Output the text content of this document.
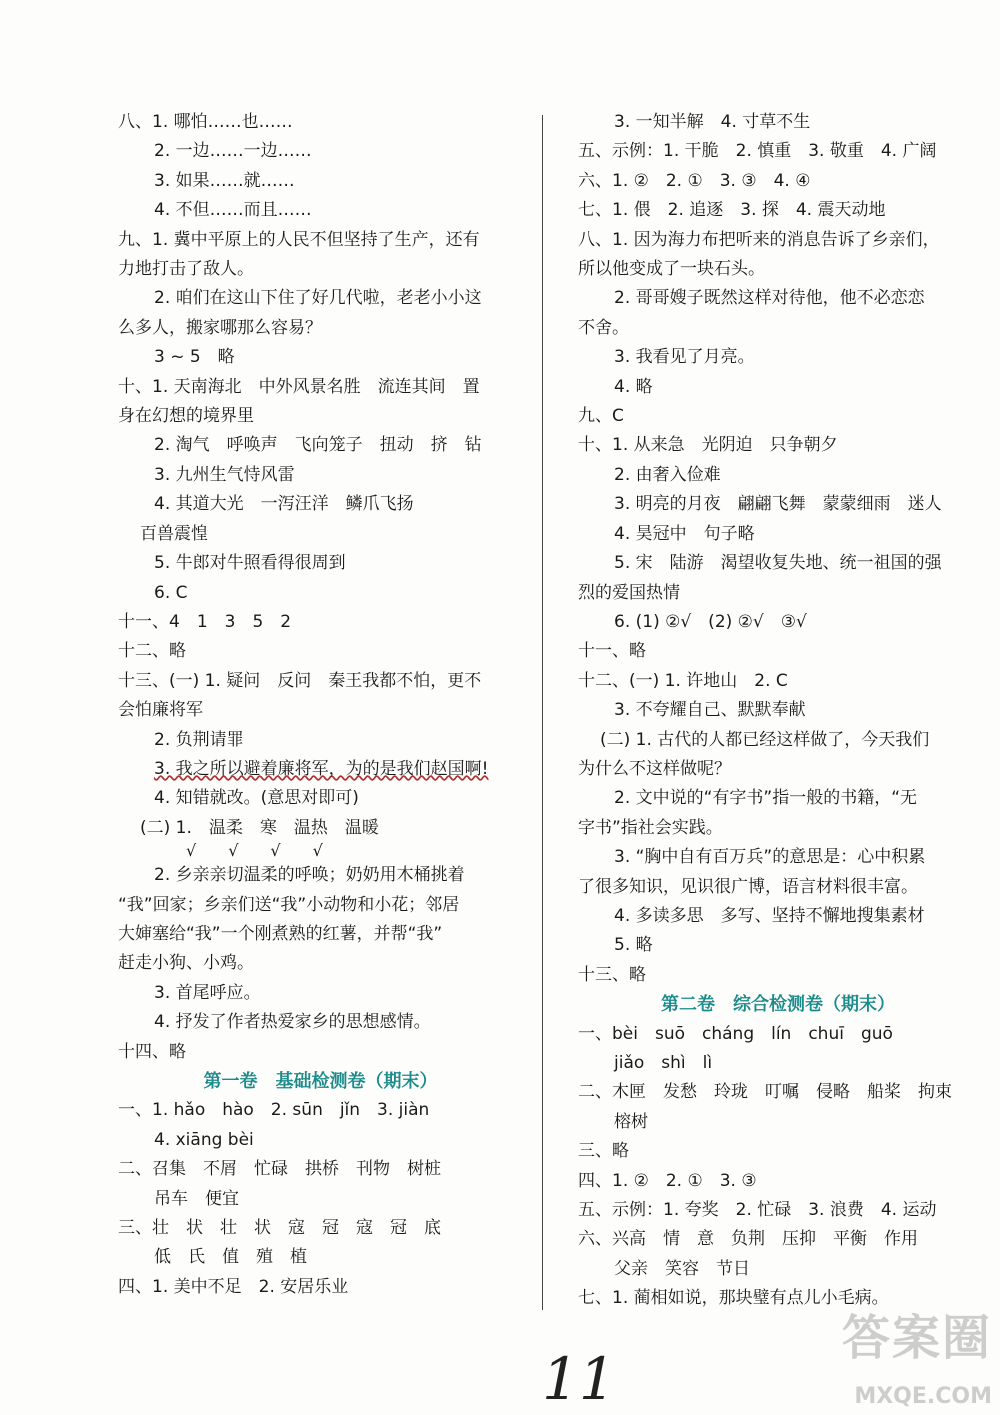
八、1. 哪怕……也……
2. 一边……一边……
3. 如果……就……
4. 不但……而且……
九、1. 冀中平原上的人民不但坚持了生产，还有
力地打击了敌人。
2. 咱们在这山下住了好几代啦，老老小小这
么多人，搬家哪那么容易？
3 ~ 5　略
十、1. 天南海北　中外风景名胜　流连其间　置
身在幻想的境界里
2. 淘气　呼唤声　飞向笼子　扭动　挤　钻
3. 九州生气恃风雷
4. 其道大光　一泻汪洋　鳞爪飞扬
百兽震惶
5. 牛郎对牛照看得很周到
6. C
十一、4　1　3　5　2
十二、略
十三、(一) 1. 疑问　反问　秦王我都不怕，更不
会怕廉将军
2. 负荆请罪
3. 我之所以避着廉将军，为的是我们赵国啊!
4. 知错就改。(意思对即可)
(二) 1.　温柔　寒　温热　温暖
√　　√　　√　　√
2. 乡亲亲切温柔的呼唤；奶奶用木桶挑着
“我”回家；乡亲们送“我”小动物和小花；邻居
大婶塞给“我”一个刚煮熟的红薯，并帮“我”
赶走小狗、小鸡。
3. 首尾呼应。
4. 抒发了作者热爱家乡的思想感情。
十四、略
第一卷　基础检测卷（期末）
一、1. hǎo　hào　2. sūn　jǐn　3. jiàn
4. xiāng bèi
二、召集　不屑　忙碌　拱桥　刊物　树桩
吊车　便宜
三、壮　状　壮　状　寇　冠　寇　冠　底
低　氏　值　殖　植
四、1. 美中不足　2. 安居乐业
3. 一知半解　4. 寸草不生
五、示例：1. 干脆　2. 慎重　3. 敬重　4. 广阔
六、1. ②　2. ①　3. ③　4. ④
七、1. 偎　2. 追逐　3. 探　4. 震天动地
八、1. 因为海力布把听来的消息告诉了乡亲们，
所以他变成了一块石头。
2. 哥哥嫂子既然这样对待他，他不必恋恋
不舍。
3. 我看见了月亮。
4. 略
九、C
十、1. 从来急　光阴迫　只争朝夕
2. 由奢入俭难
3. 明亮的月夜　翩翩飞舞　蒙蒙细雨　迷人
4. 昊冠中　句子略
5. 宋　陆游　渴望收复失地、统一祖国的强
烈的爱国热情
6. (1) ②√　(2) ②√　③√
十一、略
十二、(一) 1. 许地山　2. C
3. 不夸耀自己、默默奉献
(二) 1. 古代的人都已经这样做了，今天我们
为什么不这样做呢？
2. 文中说的“有字书”指一般的书籍，“无
字书”指社会实践。
3. “胸中自有百万兵”的意思是：心中积累
了很多知识，见识很广博，语言材料很丰富。
4. 多读多思　多写、坚持不懈地搜集素材
5. 略
十三、略
第二卷　综合检测卷（期末）
一、bèi　suō　cháng　lín　chuī　guō
jiǎo　shì　lì
二、木匣　发愁　玲珑　叮嘱　侵略　船桨　拘束
榕树
三、略
四、1. ②　2. ①　3. ③
五、示例：1. 夸奖　2. 忙碌　3. 浪费　4. 运动
六、兴高　情　意　负荆　压抑　平衡　作用
父亲　笑容　节日
七、1. 蔺相如说，那块璧有点儿小毛病。
11
答案圈
MXQE.COM
